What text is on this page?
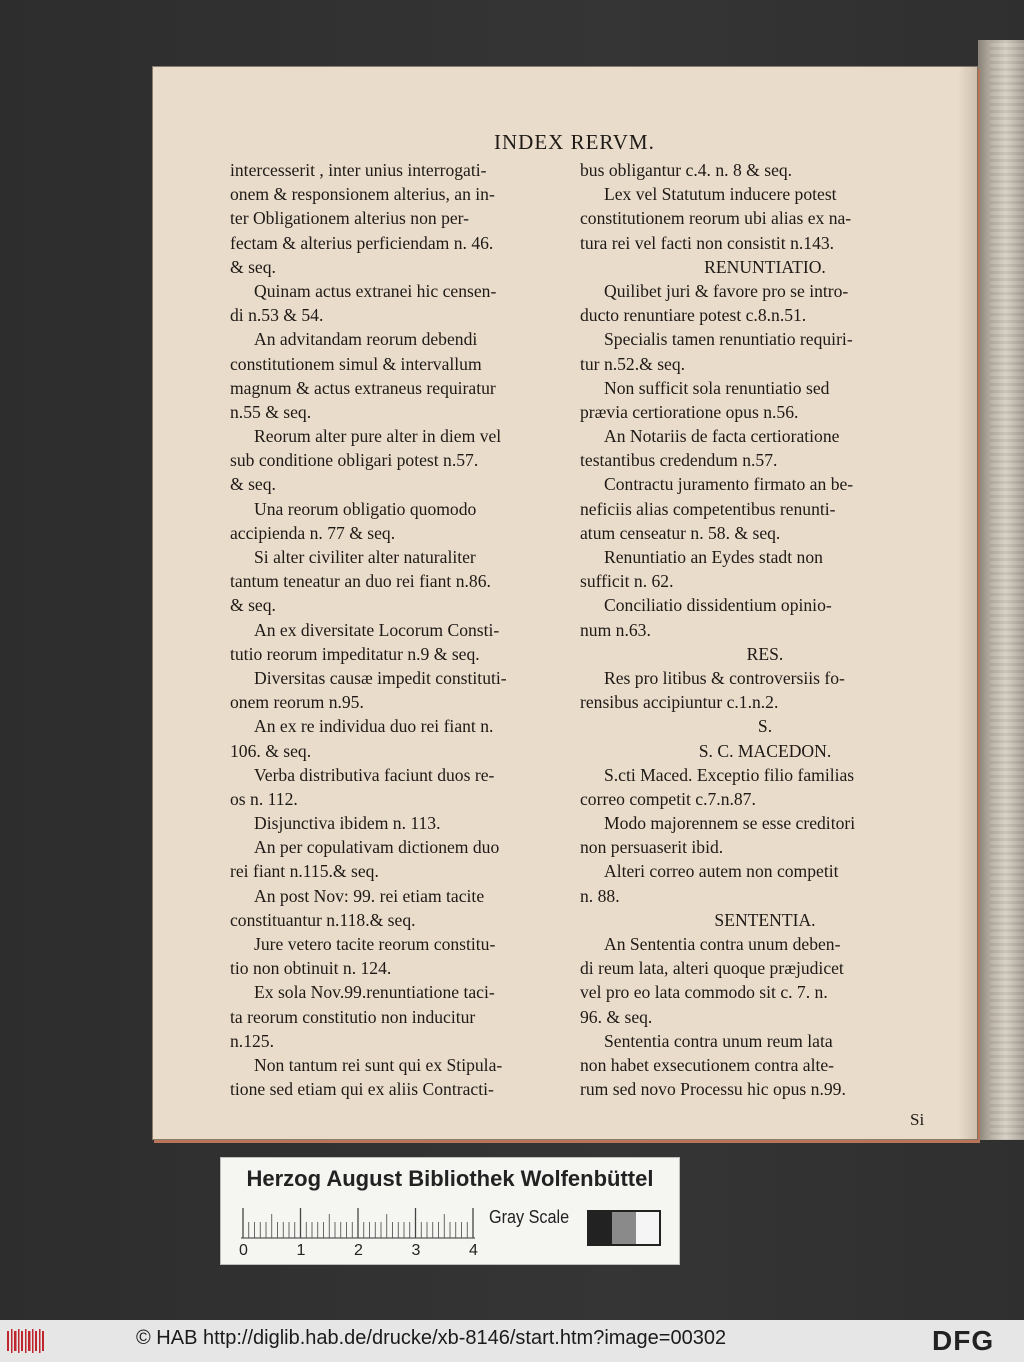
INDEX RERVM.
intercesserit , inter unius interrogati-
onem & responsionem alterius, an in-
ter Obligationem alterius non per-
fectam & alterius perficiendam n. 46.
& seq.
Quinam actus extranei hic censen-
di n.53 & 54.
An advitandam reorum debendi
constitutionem simul & intervallum
magnum & actus extraneus requiratur
n.55 & seq.
Reorum alter pure alter in diem vel
sub conditione obligari potest n.57.
& seq.
Una reorum obligatio quomodo
accipienda n. 77 & seq.
Si alter civiliter alter naturaliter
tantum teneatur an duo rei fiant n.86.
& seq.
An ex diversitate Locorum Consti-
tutio reorum impeditatur n.9 & seq.
Diversitas causæ impedit constituti-
onem reorum n.95.
An ex re individua duo rei fiant n.
106. & seq.
Verba distributiva faciunt duos re-
os n. 112.
Disjunctiva ibidem n. 113.
An per copulativam dictionem duo
rei fiant n.115.& seq.
An post Nov: 99. rei etiam tacite
constituantur n.118.& seq.
Jure vetero tacite reorum constitu-
tio non obtinuit n. 124.
Ex sola Nov.99.renuntiatione taci-
ta reorum constitutio non inducitur
n.125.
Non tantum rei sunt qui ex Stipula-
tione sed etiam qui ex aliis Contracti-
bus obligantur c.4. n. 8 & seq.
Lex vel Statutum inducere potest
constitutionem reorum ubi alias ex na-
tura rei vel facti non consistit n.143.
RENUNTIATIO.
Quilibet juri & favore pro se intro-
ducto renuntiare potest c.8.n.51.
Specialis tamen renuntiatio requiri-
tur n.52.& seq.
Non sufficit sola renuntiatio sed
prævia certioratione opus n.56.
An Notariis de facta certioratione
testantibus credendum n.57.
Contractu juramento firmato an be-
neficiis alias competentibus renunti-
atum censeatur n. 58. & seq.
Renuntiatio an Eydes stadt non
sufficit n. 62.
Conciliatio dissidentium opinio-
num n.63.
RES.
Res pro litibus & controversiis fo-
rensibus accipiuntur c.1.n.2.
S.
S. C. MACEDON.
S.cti Maced. Exceptio filio familias
correo competit c.7.n.87.
Modo majorennem se esse creditori
non persuaserit ibid.
Alteri correo autem non competit
n. 88.
SENTENTIA.
An Sententia contra unum deben-
di reum lata, alteri quoque præjudicet
vel pro eo lata commodo sit c. 7. n.
96. & seq.
Sententia contra unum reum lata
non habet exsecutionem contra alte-
rum sed novo Processu hic opus n.99.
Si
Herzog August Bibliothek Wolfenbüttel
0	1	2	3	4
Gray Scale
© HAB http://diglib.hab.de/drucke/xb-8146/start.htm?image=00302	DFG
